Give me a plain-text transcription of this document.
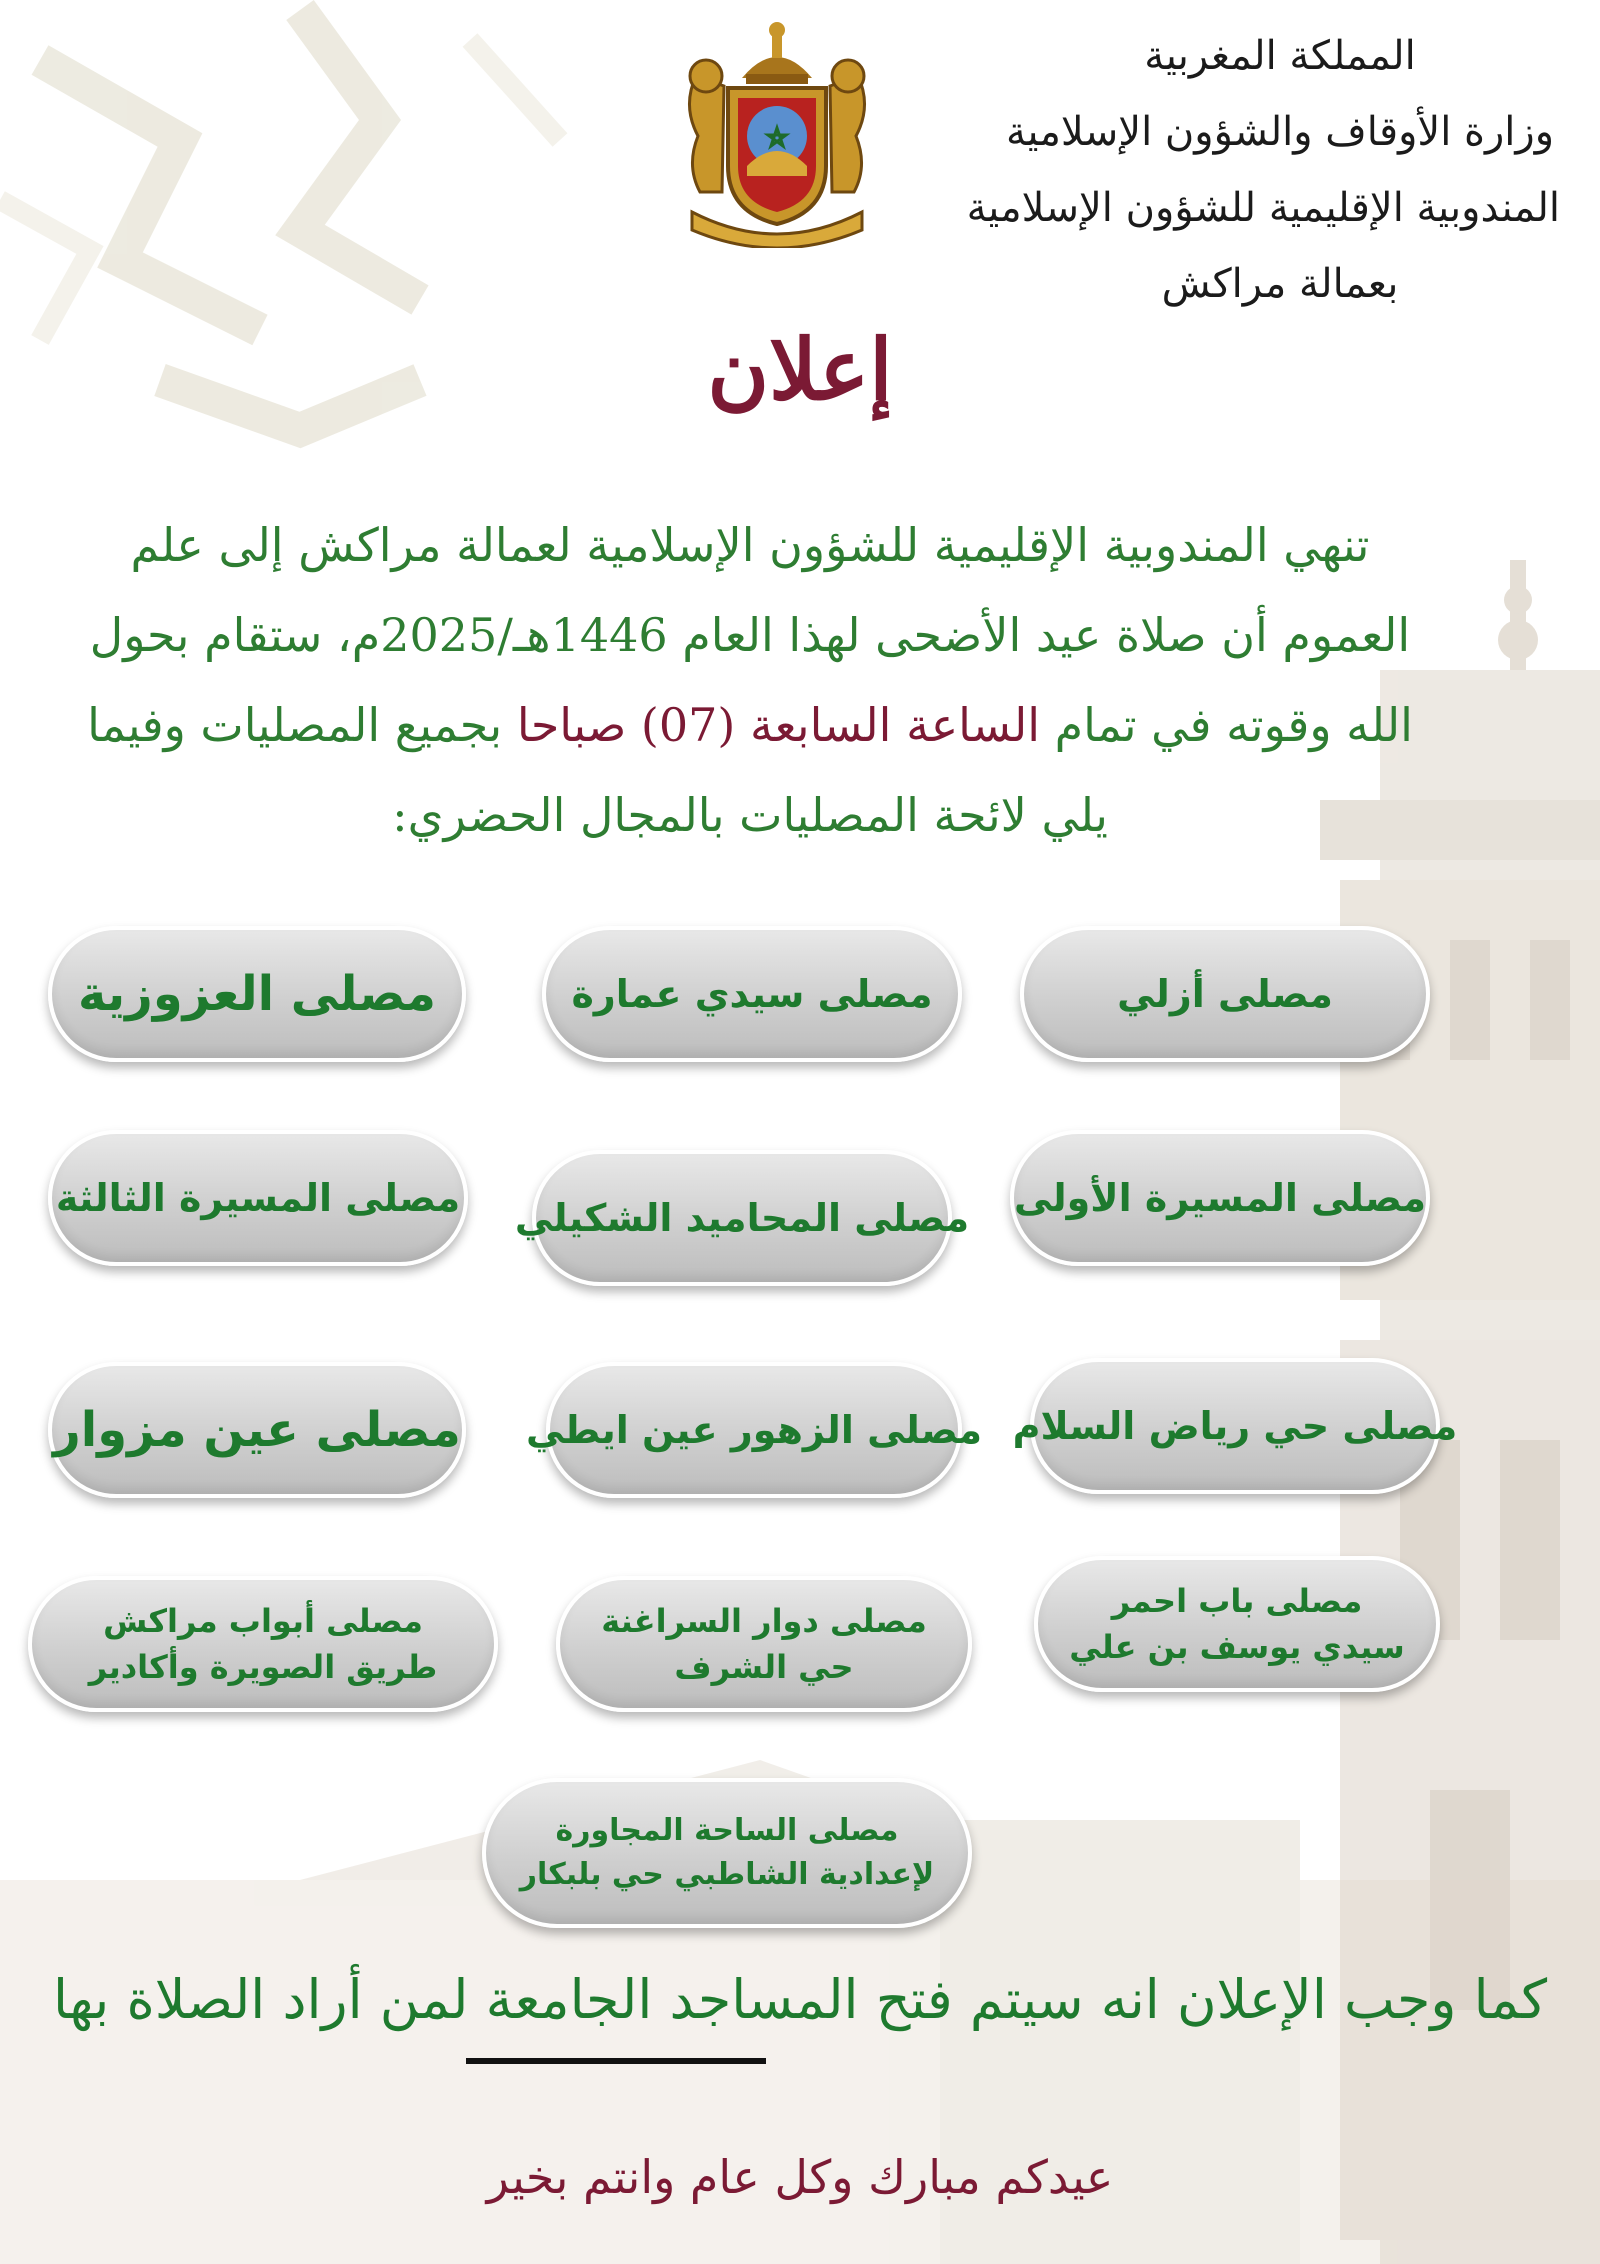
المملكة المغربية
وزارة الأوقاف والشؤون الإسلامية
المندوبية الإقليمية للشؤون الإسلامية
بعمالة مراكش
إعلان
تنهي المندوبية الإقليمية للشؤون الإسلامية لعمالة مراكش إلى علم العموم أن صلاة عيد الأضحى لهذا العام 1446هـ/2025م، ستقام بحول الله وقوته في تمام الساعة السابعة (07) صباحا بجميع المصليات وفيما يلي لائحة المصليات بالمجال الحضري:
مصلى أزلي
مصلى سيدي عمارة
مصلى العزوزية
مصلى المسيرة الأولى
مصلى المحاميد الشكيلي
مصلى المسيرة الثالثة
مصلى حي رياض السلام
مصلى الزهور عين ايطي
مصلى عين مزوار
مصلى باب احمر
سيدي يوسف بن علي
مصلى دوار السراغنة
حي الشرف
مصلى أبواب مراكش
طريق الصويرة وأكادير
مصلى الساحة المجاورة
لإعدادية الشاطبي حي بلبكار
كما وجب الإعلان انه سيتم فتح المساجد الجامعة لمن أراد الصلاة بها
عيدكم مبارك وكل عام وانتم بخير
